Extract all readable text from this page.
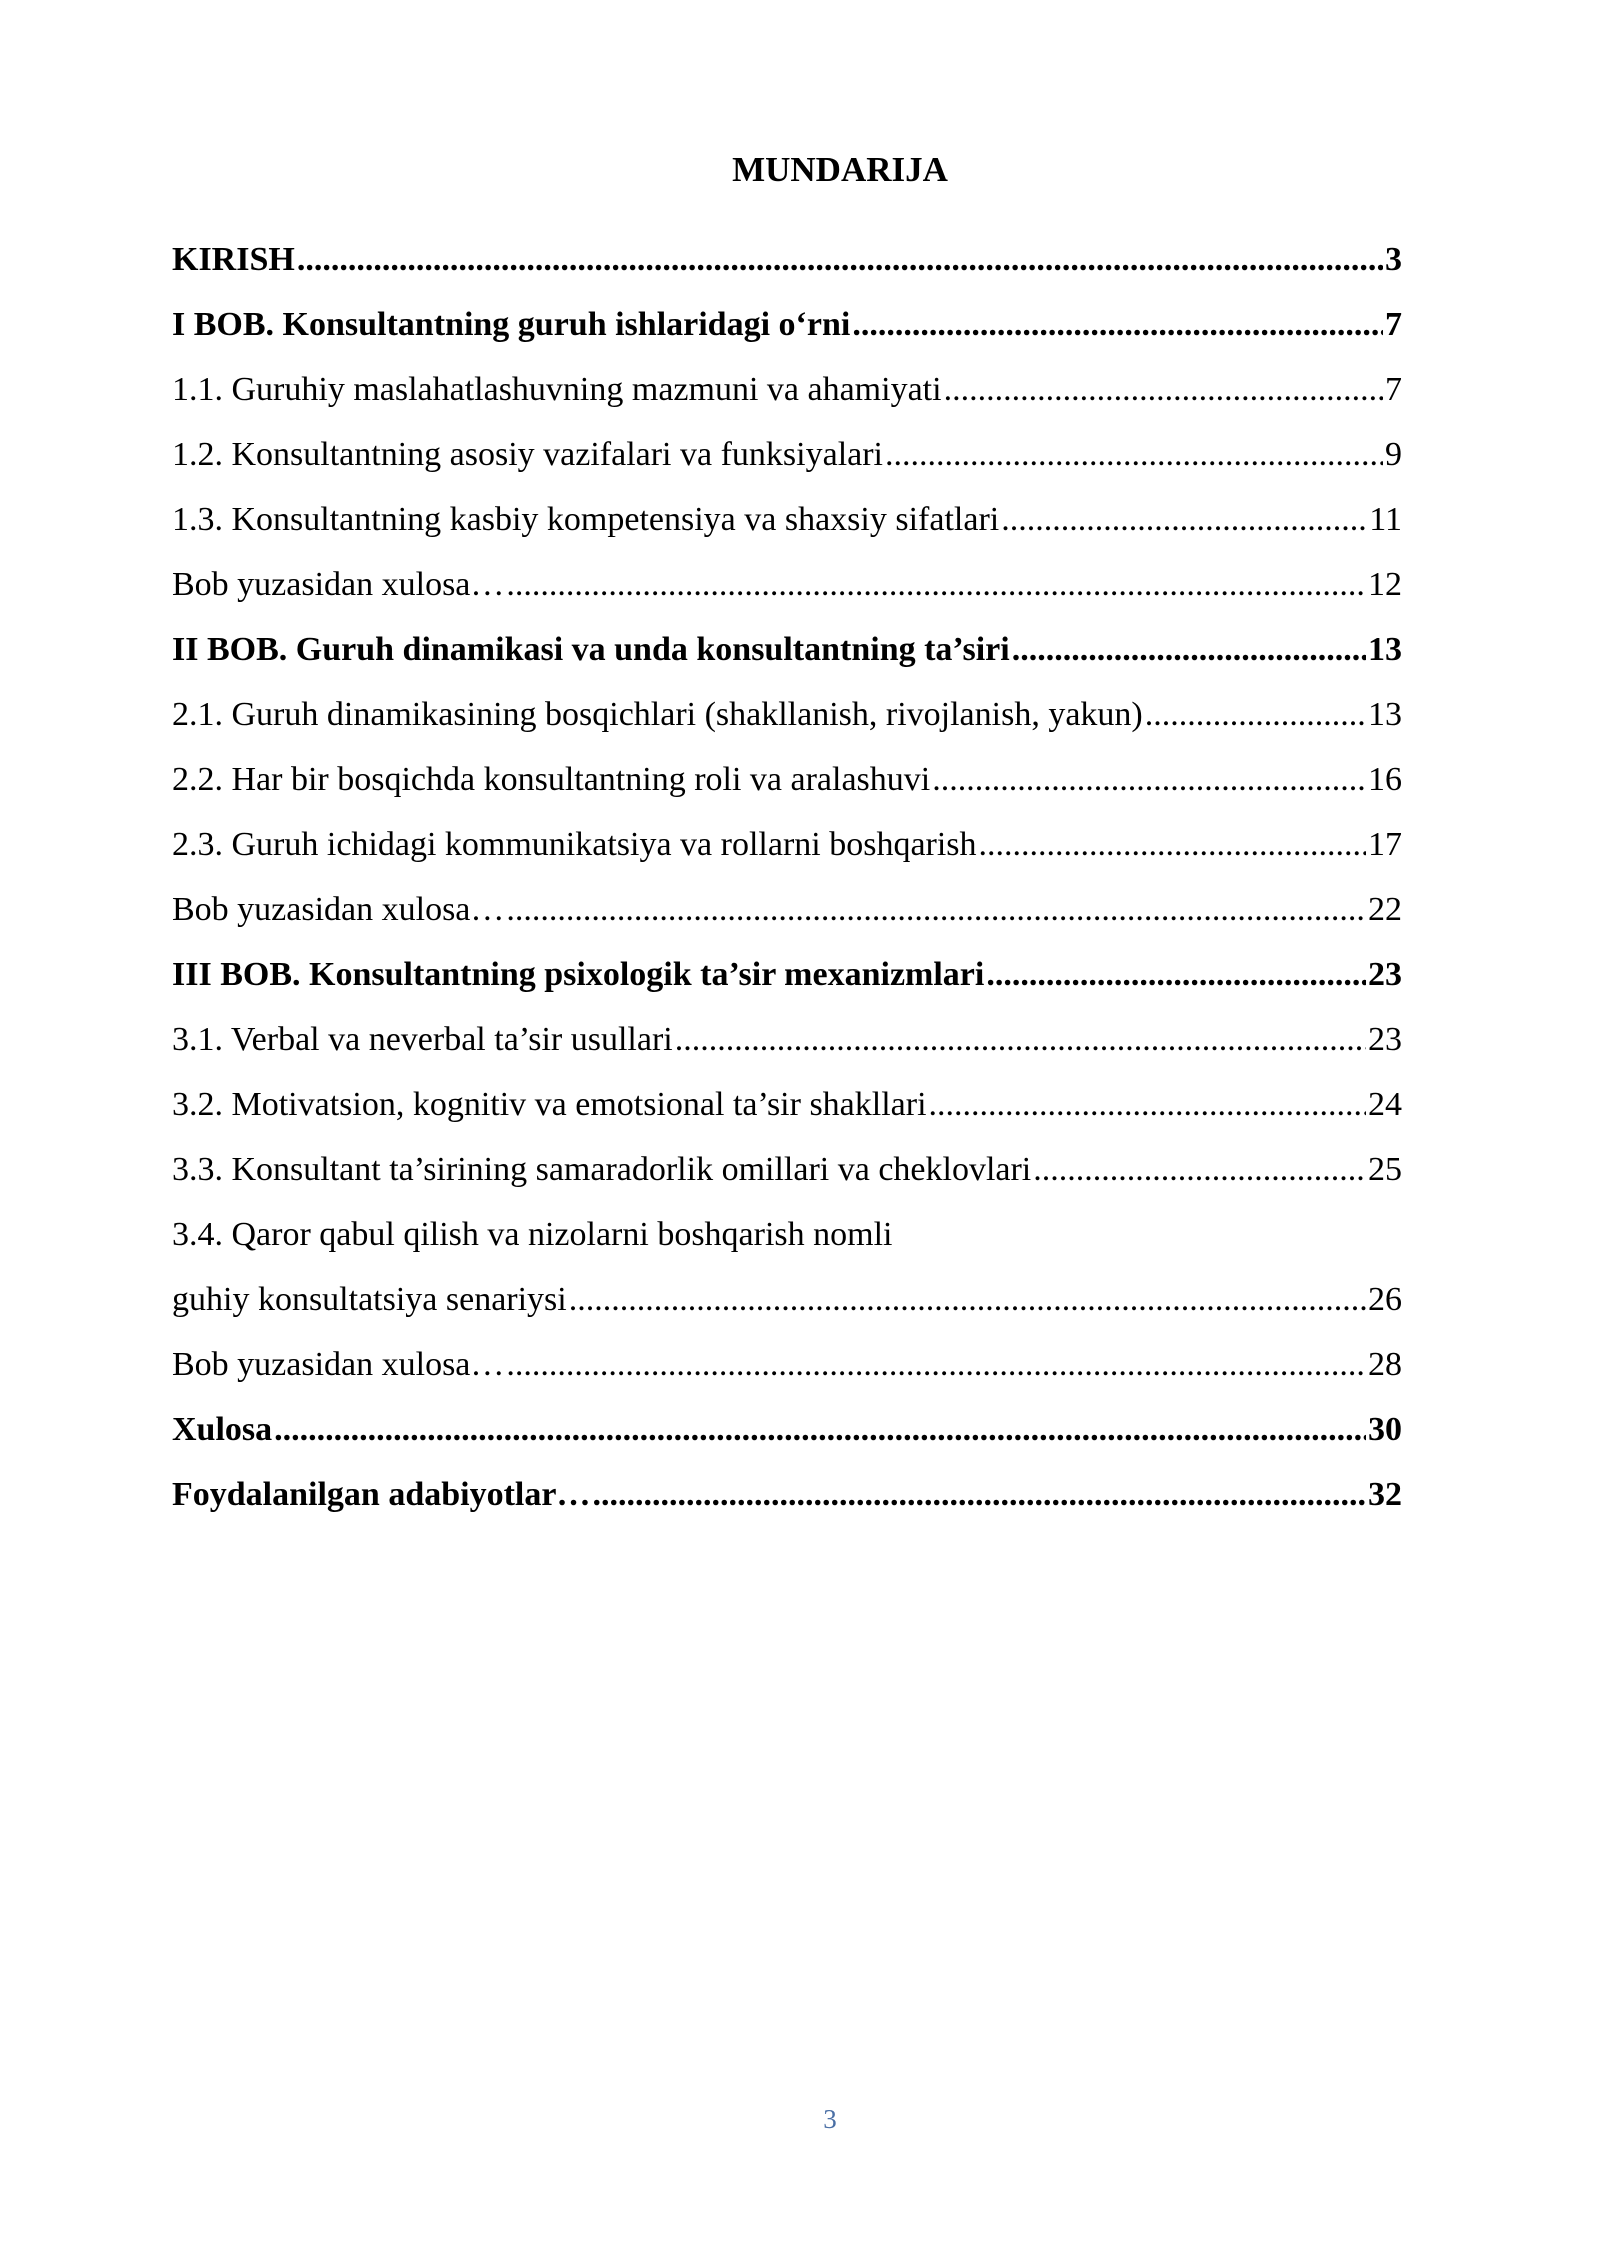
MUNDARIJA
KIRISH	3
.....
I BOB. Konsultantning guruh ishlaridagi o‘rni	7
.....
1.1. Guruhiy maslahatlashuvning mazmuni va ahamiyati	7
.....
1.2. Konsultantning asosiy vazifalari va funksiyalari	9
.....
1.3. Konsultantning kasbiy kompetensiya va shaxsiy sifatlari	11
.....
Bob yuzasidan xulosa…	12
.....
II BOB. Guruh dinamikasi va unda konsultantning ta’siri	13
.....
2.1. Guruh dinamikasining bosqichlari (shakllanish, rivojlanish, yakun)	13
.....
2.2. Har bir bosqichda konsultantning roli va aralashuvi	16
.....
2.3. Guruh ichidagi kommunikatsiya va rollarni boshqarish	17
.....
Bob yuzasidan xulosa…	22
.....
III BOB. Konsultantning psixologik ta’sir mexanizmlari	23
.....
3.1. Verbal va neverbal ta’sir usullari	23
.....
3.2. Motivatsion, kognitiv va emotsional ta’sir shakllari	24
.....
3.3. Konsultant ta’sirining samaradorlik omillari va cheklovlari	25
.....
3.4. Qaror qabul qilish va nizolarni boshqarish nomli
guhiy konsultatsiya senariysi	26
.....
Bob yuzasidan xulosa…	28
.....
Xulosa	30
.....
Foydalanilgan adabiyotlar…	32
.....
3
